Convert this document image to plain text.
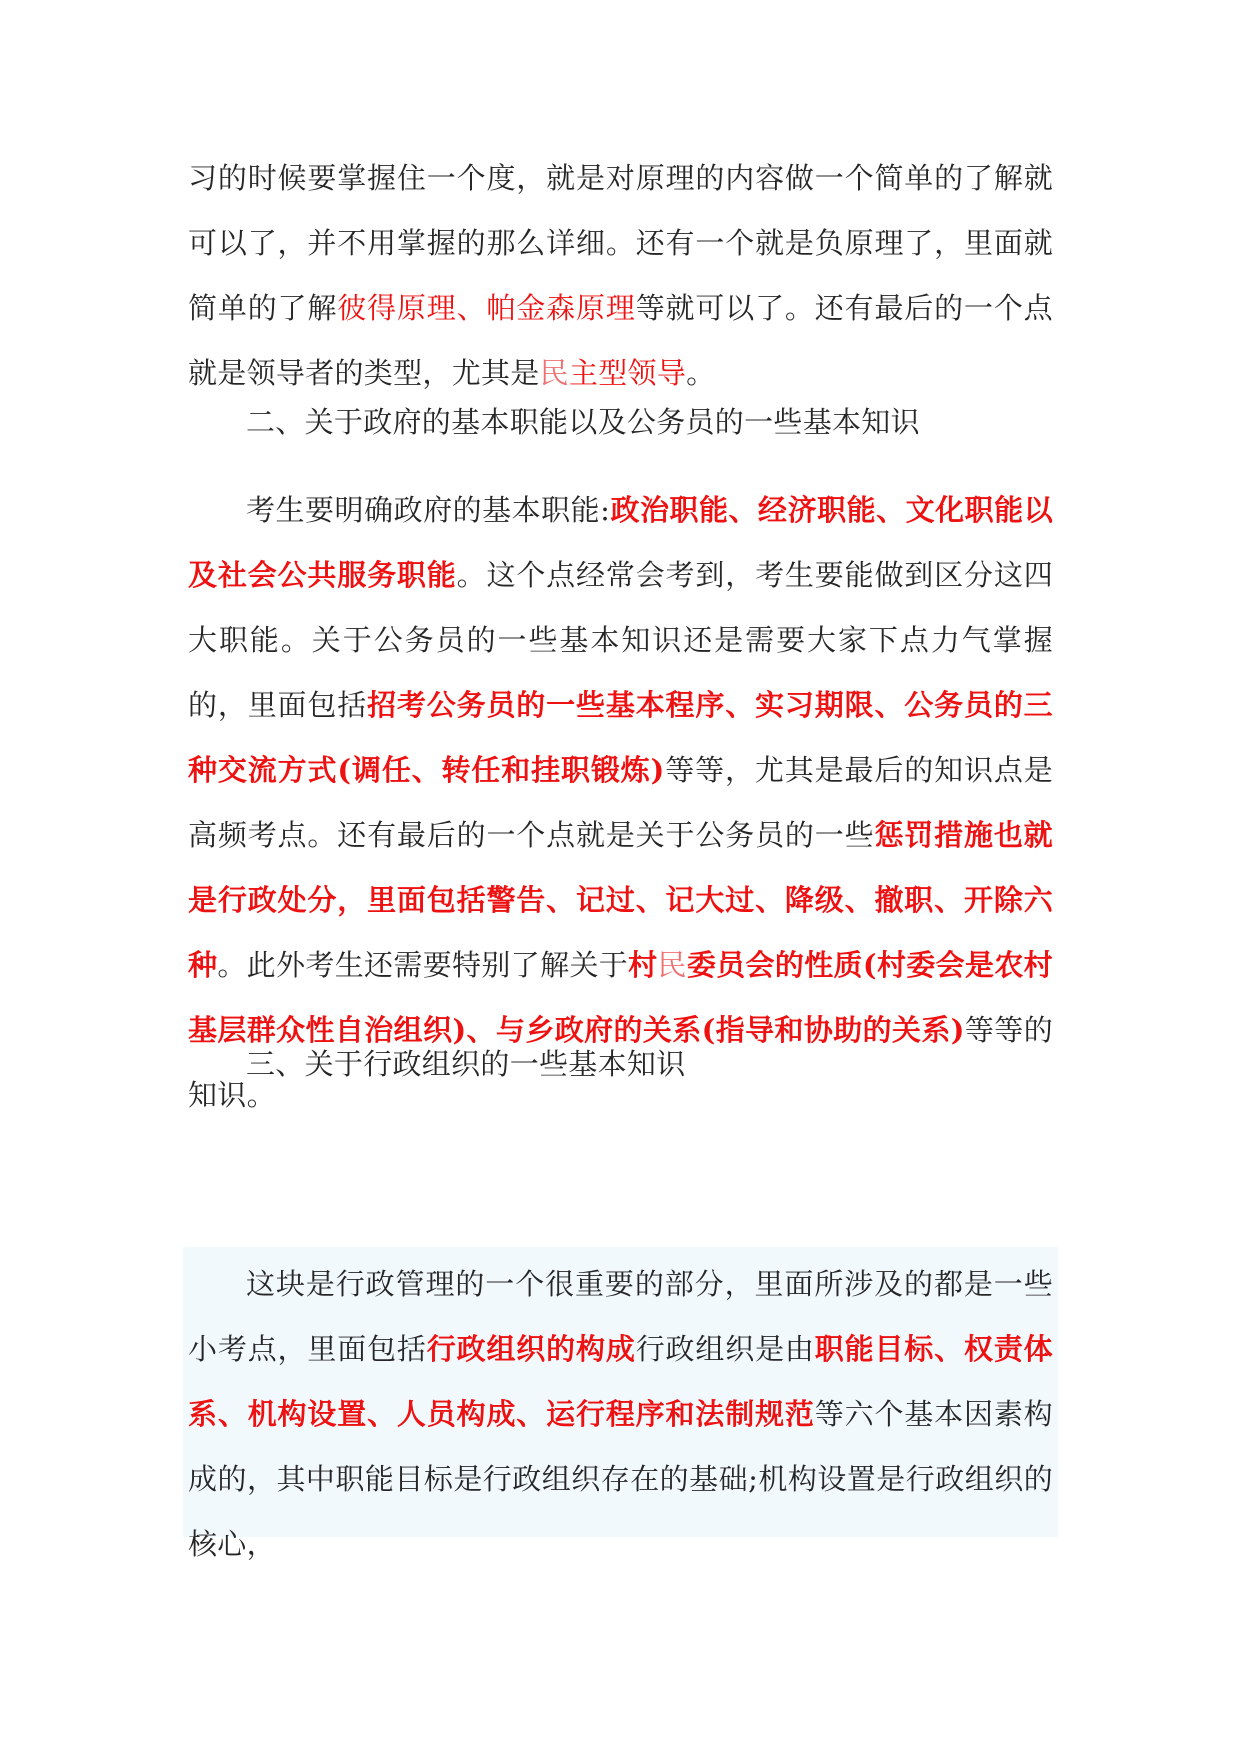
习的时候要掌握住一个度，就是对原理的内容做一个简单的了解就可以了，并不用掌握的那么详细。还有一个就是负原理了，里面就简单的了解彼得原理、帕金森原理等就可以了。还有最后的一个点就是领导者的类型，尤其是民主型领导。
二、关于政府的基本职能以及公务员的一些基本知识
考生要明确政府的基本职能:政治职能、经济职能、文化职能以及社会公共服务职能。这个点经常会考到，考生要能做到区分这四大职能。关于公务员的一些基本知识还是需要大家下点力气掌握的，里面包括招考公务员的一些基本程序、实习期限、公务员的三种交流方式(调任、转任和挂职锻炼)等等，尤其是最后的知识点是高频考点。还有最后的一个点就是关于公务员的一些惩罚措施也就是行政处分，里面包括警告、记过、记大过、降级、撤职、开除六种。此外考生还需要特别了解关于村民委员会的性质(村委会是农村基层群众性自治组织)、与乡政府的关系(指导和协助的关系)等等的知识。
三、关于行政组织的一些基本知识
这块是行政管理的一个很重要的部分，里面所涉及的都是一些小考点，里面包括行政组织的构成行政组织是由职能目标、权责体系、机构设置、人员构成、运行程序和法制规范等六个基本因素构成的，其中职能目标是行政组织存在的基础;机构设置是行政组织的核心，
